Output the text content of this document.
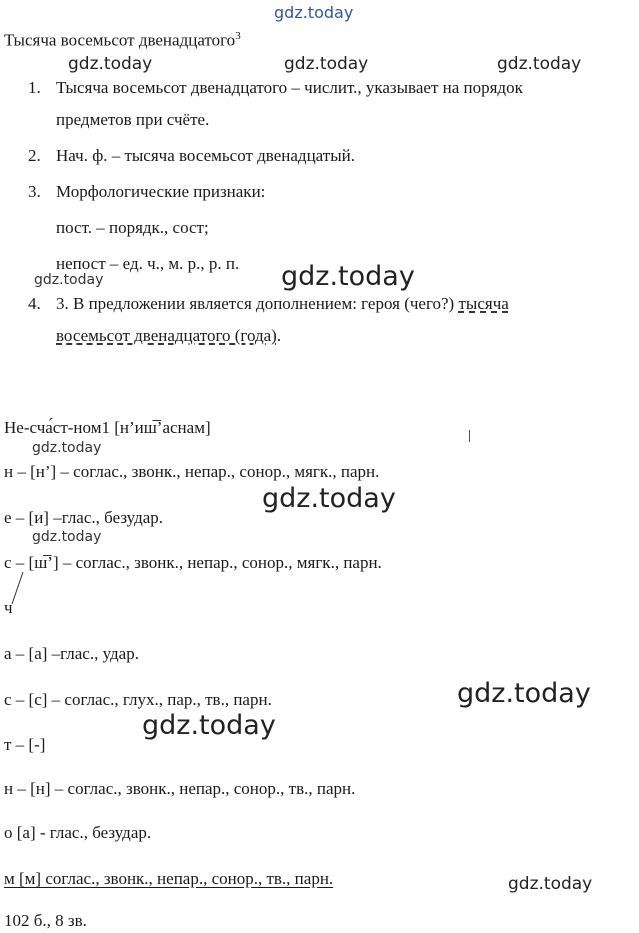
gdz.today
gdz.today	gdz.today	gdz.today
gdz.today	gdz.today
gdz.today
gdz.today
gdz.today
gdz.today
gdz.today
gdz.today
Тысяча восемьсот двенадцатого$^3$
1. Тысяча восемьсот двенадцатого – числит., указывает на порядок
предметов при счёте.
2. Нач. ф. – тысяча восемьсот двенадцатый.
3. Морфологические признаки:
пост. – порядк., сост;
непост – ед. ч., м. р., р. п.
4. 3. В предложении является дополнением: героя (чего?) тысяча
восемьсот двенадцатого (года).
Не-сча́ст-ном1 [н’иш̅’аснам]
н – [н’] – соглас., звонк., непар., сонор., мягк., парн.
е – [и] –глас., безудар.
с – [ш̅’] – соглас., звонк., непар., сонор., мягк., парн.
ч
а – [а] –глас., удар.
с – [с] – соглас., глух., пар., тв., парн.
т – [-]
н – [н] – соглас., звонк., непар., сонор., тв., парн.
о [а] - глас., безудар.
м [м] соглас., звонк., непар., сонор., тв., парн.
102 б., 8 зв.
